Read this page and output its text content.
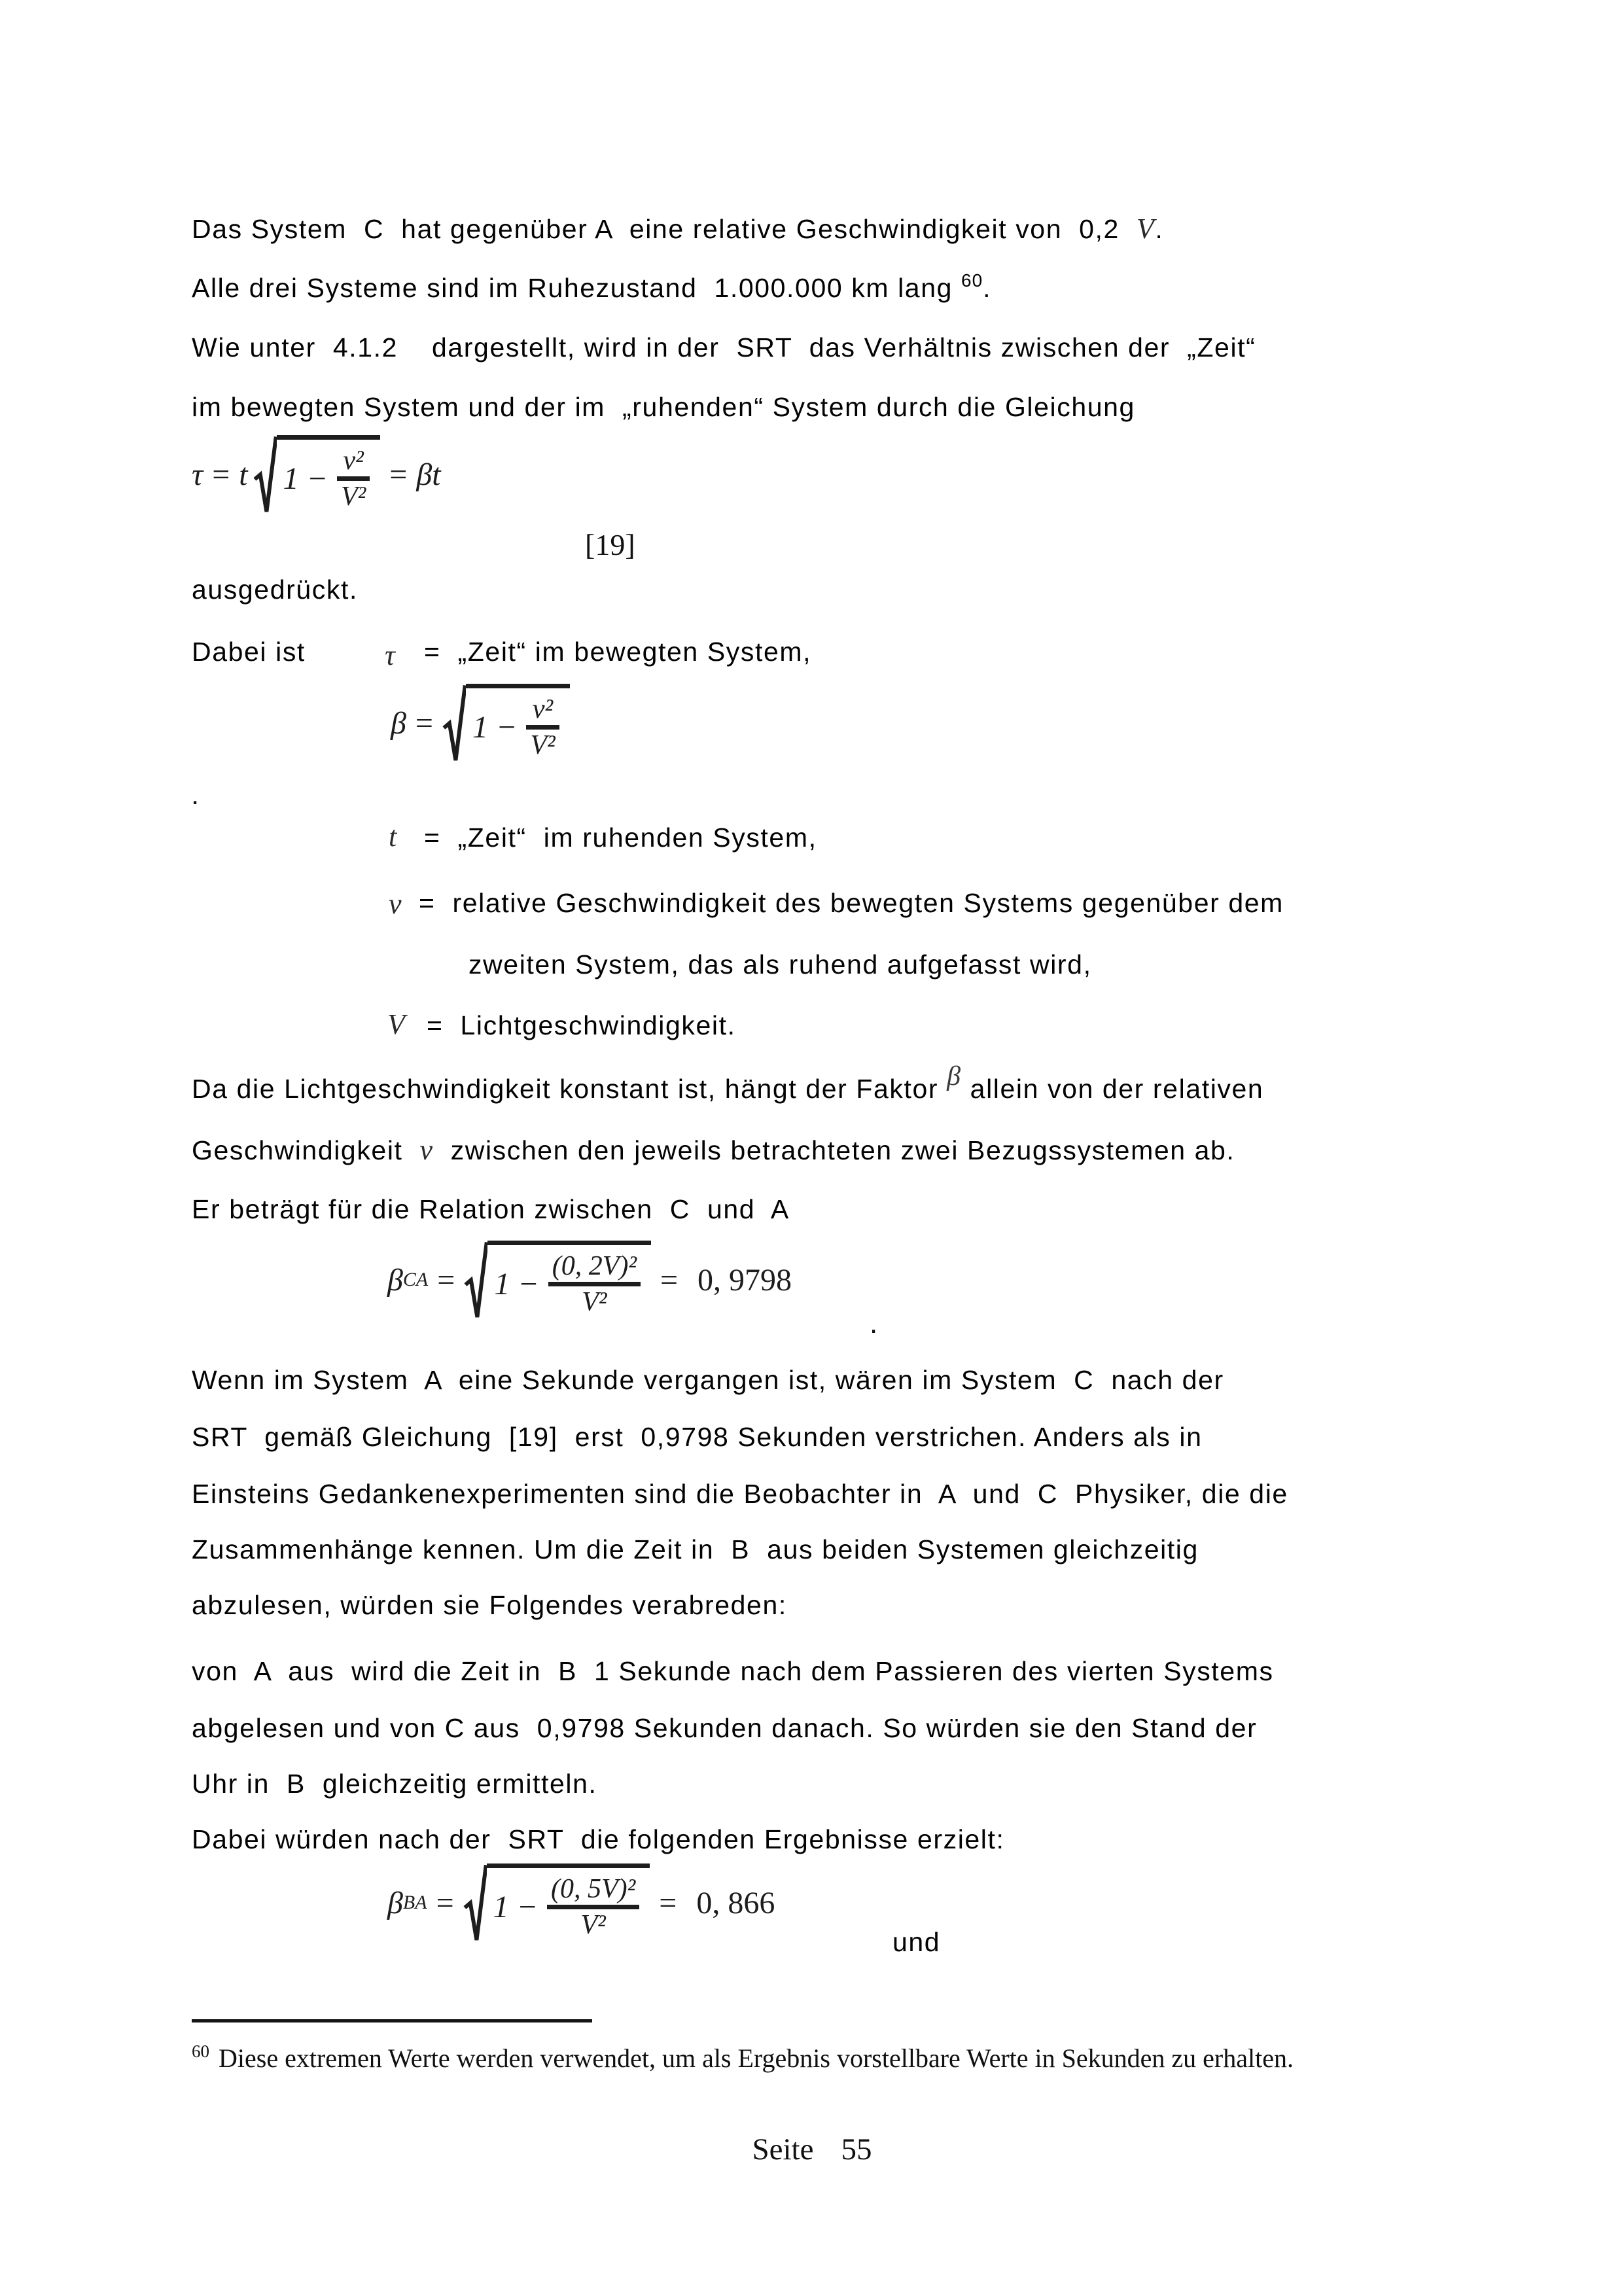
Das System  C  hat gegenüber A  eine relative Geschwindigkeit von  0,2  V.
Alle drei Systeme sind im Ruhezustand  1.000.000 km lang $^{60}$.
Wie unter  4.1.2    dargestellt, wird in der  SRT  das Verhältnis zwischen der  „Zeit“
im bewegten System und der im  „ruhenden“ System durch die Gleichung
τ = t 1 −
v²
V²
= βt
[19]
ausgedrückt.
Dabei ist	τ =  „Zeit“ im bewegten System,
β = 1 −
v²
V²
.
t =  „Zeit“  im ruhenden System,
v =  relative Geschwindigkeit des bewegten Systems gegenüber dem
zweiten System, das als ruhend aufgefasst wird,
V =  Lichtgeschwindigkeit.
Da die Lichtgeschwindigkeit konstant ist, hängt der Faktor β allein von der relativen
Geschwindigkeit  v  zwischen den jeweils betrachteten zwei Bezugssystemen ab.
Er beträgt für die Relation zwischen  C  und  A
β CA = 1 −
(0, 2V)²
V²
= 0, 9798
.
Wenn im System  A  eine Sekunde vergangen ist, wären im System  C  nach der
SRT  gemäß Gleichung  [19]  erst  0,9798 Sekunden verstrichen. Anders als in
Einsteins Gedankenexperimenten sind die Beobachter in  A  und  C  Physiker, die die
Zusammenhänge kennen. Um die Zeit in  B  aus beiden Systemen gleichzeitig
abzulesen, würden sie Folgendes verabreden:
von  A  aus  wird die Zeit in  B  1 Sekunde nach dem Passieren des vierten Systems
abgelesen und von C aus  0,9798 Sekunden danach. So würden sie den Stand der
Uhr in  B  gleichzeitig ermitteln.
Dabei würden nach der  SRT  die folgenden Ergebnisse erzielt:
β BA = 1 −
(0, 5V)²
V²
= 0, 866
und
$^{60}$ Diese extremen Werte werden verwendet, um als Ergebnis vorstellbare Werte in Sekunden zu erhalten.
Seite 55
